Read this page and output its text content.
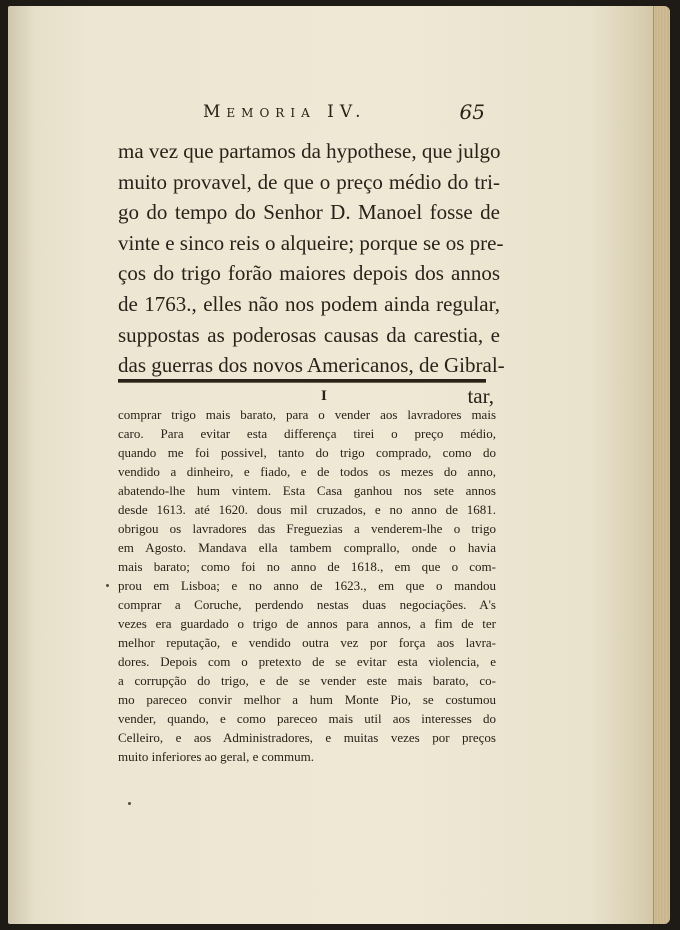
Memoria IV.	65
ma vez que partamos da hypothese, que julgo
muito provavel, de que o preço médio do tri-
go do tempo do Senhor D. Manoel fosse de
vinte e sinco reis o alqueire; porque se os pre-
ços do trigo forão maiores depois dos annos
de 1763., elles não nos podem ainda regular,
suppostas as poderosas causas da carestia, e
das guerras dos novos Americanos, de Gibral-
I	tar,
comprar trigo mais barato, para o vender aos lavradores mais
caro. Para evitar esta differença tirei o preço médio,
quando me foi possivel, tanto do trigo comprado, como do
vendido a dinheiro, e fiado, e de todos os mezes do anno,
abatendo-lhe hum vintem. Esta Casa ganhou nos sete annos
desde 1613. até 1620. dous mil cruzados, e no anno de 1681.
obrigou os lavradores das Freguezias a venderem-lhe o trigo
em Agosto. Mandava ella tambem comprallo, onde o havia
mais barato; como foi no anno de 1618., em que o com-
prou em Lisboa; e no anno de 1623., em que o mandou
comprar a Coruche, perdendo nestas duas negociações. A's
vezes era guardado o trigo de annos para annos, a fim de ter
melhor reputação, e vendido outra vez por força aos lavra-
dores. Depois com o pretexto de se evitar esta violencia, e
a corrupção do trigo, e de se vender este mais barato, co-
mo pareceo convir melhor a hum Monte Pio, se costumou
vender, quando, e como pareceo mais util aos interesses do
Celleiro, e aos Administradores, e muitas vezes por preços
muito inferiores ao geral, e commum.
